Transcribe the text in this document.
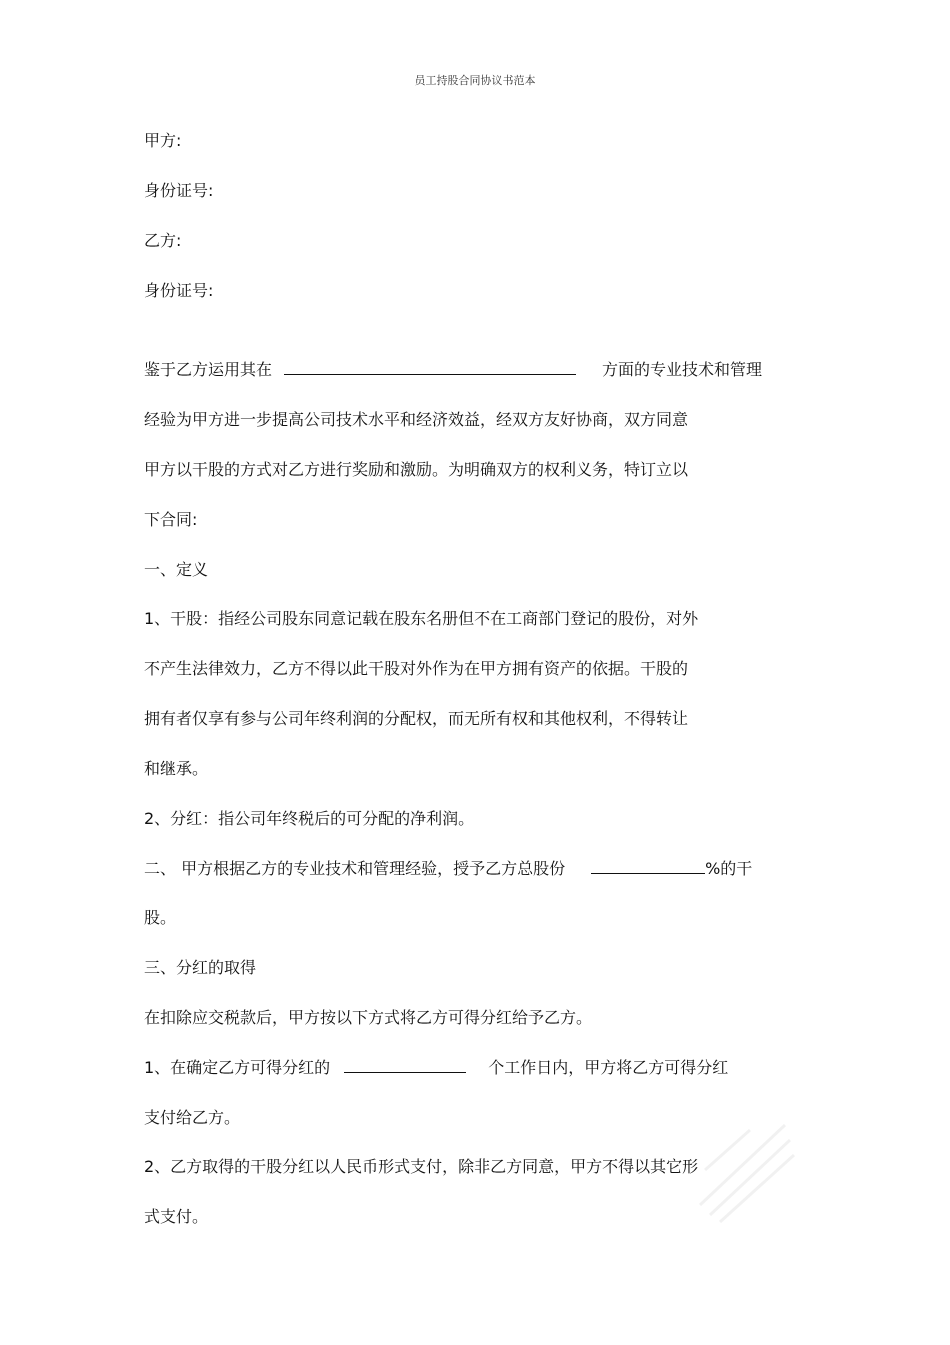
员工持股合同协议书范本
甲方:
身份证号:
乙方:
身份证号:
鉴于乙方运用其在	方面的专业技术和管理
经验为甲方进一步提高公司技术水平和经济效益，经双方友好协商，双方同意
甲方以干股的方式对乙方进行奖励和激励。为明确双方的权利义务，特订立以
下合同:
一、定义
1、干股：指经公司股东同意记载在股东名册但不在工商部门登记的股份，对外
不产生法律效力，乙方不得以此干股对外作为在甲方拥有资产的依据。干股的
拥有者仅享有参与公司年终利润的分配权，而无所有权和其他权利，不得转让
和继承。
2、分红：指公司年终税后的可分配的净利润。
二、 甲方根据乙方的专业技术和管理经验，授予乙方总股份	%的干
股。
三、分红的取得
在扣除应交税款后，甲方按以下方式将乙方可得分红给予乙方。
1、在确定乙方可得分红的	个工作日内，甲方将乙方可得分红
支付给乙方。
2、乙方取得的干股分红以人民币形式支付，除非乙方同意，甲方不得以其它形
式支付。
